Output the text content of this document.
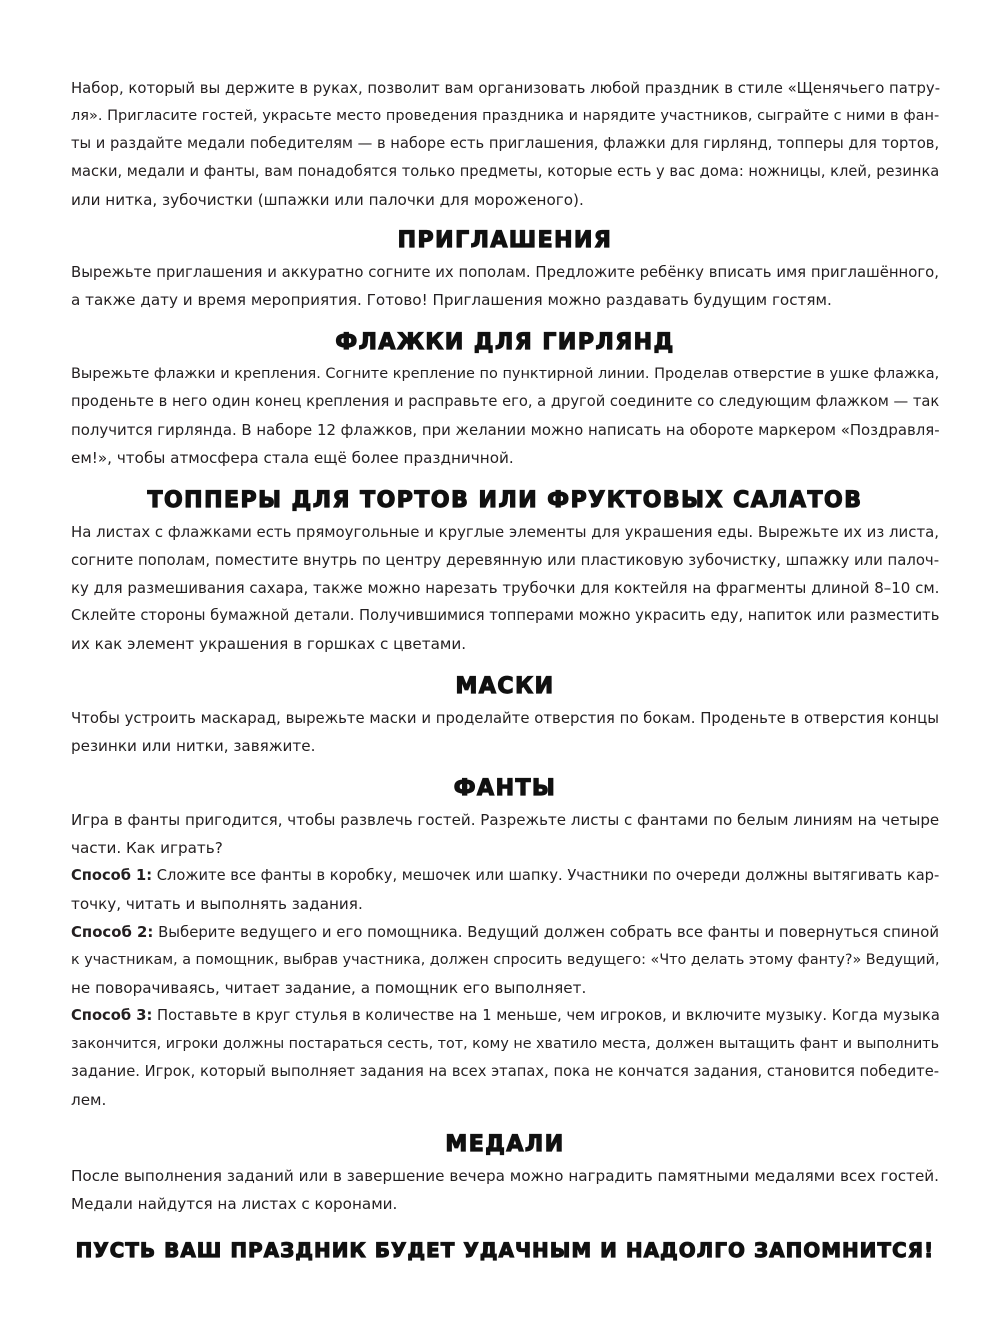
Набор, который вы держите в руках, позволит вам организовать любой праздник в стиле «Щенячьего патру-
ля». Пригласите гостей, украсьте место проведения праздника и нарядите участников, сыграйте с ними в фан-
ты и раздайте медали победителям — в наборе есть приглашения, флажки для гирлянд, топперы для тортов,
маски, медали и фанты, вам понадобятся только предметы, которые есть у вас дома: ножницы, клей, резинка
или нитка, зубочистки (шпажки или палочки для мороженого).

ПРИГЛАШЕНИЯ

Вырежьте приглашения и аккуратно согните их пополам. Предложите ребёнку вписать имя приглашённого,
а также дату и время мероприятия. Готово! Приглашения можно раздавать будущим гостям.

ФЛАЖКИ ДЛЯ ГИРЛЯНД

Вырежьте флажки и крепления. Согните крепление по пунктирной линии. Проделав отверстие в ушке флажка,
проденьте в него один конец крепления и расправьте его, а другой соедините со следующим флажком — так
получится гирлянда. В наборе 12 флажков, при желании можно написать на обороте маркером «Поздравля-
ем!», чтобы атмосфера стала ещё более праздничной.

ТОППЕРЫ ДЛЯ ТОРТОВ ИЛИ ФРУКТОВЫХ САЛАТОВ

На листах с флажками есть прямоугольные и круглые элементы для украшения еды. Вырежьте их из листа,
согните пополам, поместите внутрь по центру деревянную или пластиковую зубочистку, шпажку или палоч-
ку для размешивания сахара, также можно нарезать трубочки для коктейля на фрагменты длиной 8–10 см.
Склейте стороны бумажной детали. Получившимися топперами можно украсить еду, напиток или разместить
их как элемент украшения в горшках с цветами.

МАСКИ

Чтобы устроить маскарад, вырежьте маски и проделайте отверстия по бокам. Проденьте в отверстия концы
резинки или нитки, завяжите.

ФАНТЫ

Игра в фанты пригодится, чтобы развлечь гостей. Разрежьте листы с фантами по белым линиям на четыре
части. Как играть?
Способ 1: Сложите все фанты в коробку, мешочек или шапку. Участники по очереди должны вытягивать кар-
точку, читать и выполнять задания.
Способ 2: Выберите ведущего и его помощника. Ведущий должен собрать все фанты и повернуться спиной
к участникам, а помощник, выбрав участника, должен спросить ведущего: «Что делать этому фанту?» Ведущий,
не поворачиваясь, читает задание, а помощник его выполняет.
Способ 3: Поставьте в круг стулья в количестве на 1 меньше, чем игроков, и включите музыку. Когда музыка
закончится, игроки должны постараться сесть, тот, кому не хватило места, должен вытащить фант и выполнить
задание. Игрок, который выполняет задания на всех этапах, пока не кончатся задания, становится победите-
лем.

МЕДАЛИ

После выполнения заданий или в завершение вечера можно наградить памятными медалями всех гостей.
Медали найдутся на листах с коронами.

ПУСТЬ ВАШ ПРАЗДНИК БУДЕТ УДАЧНЫМ И НАДОЛГО ЗАПОМНИТСЯ!
